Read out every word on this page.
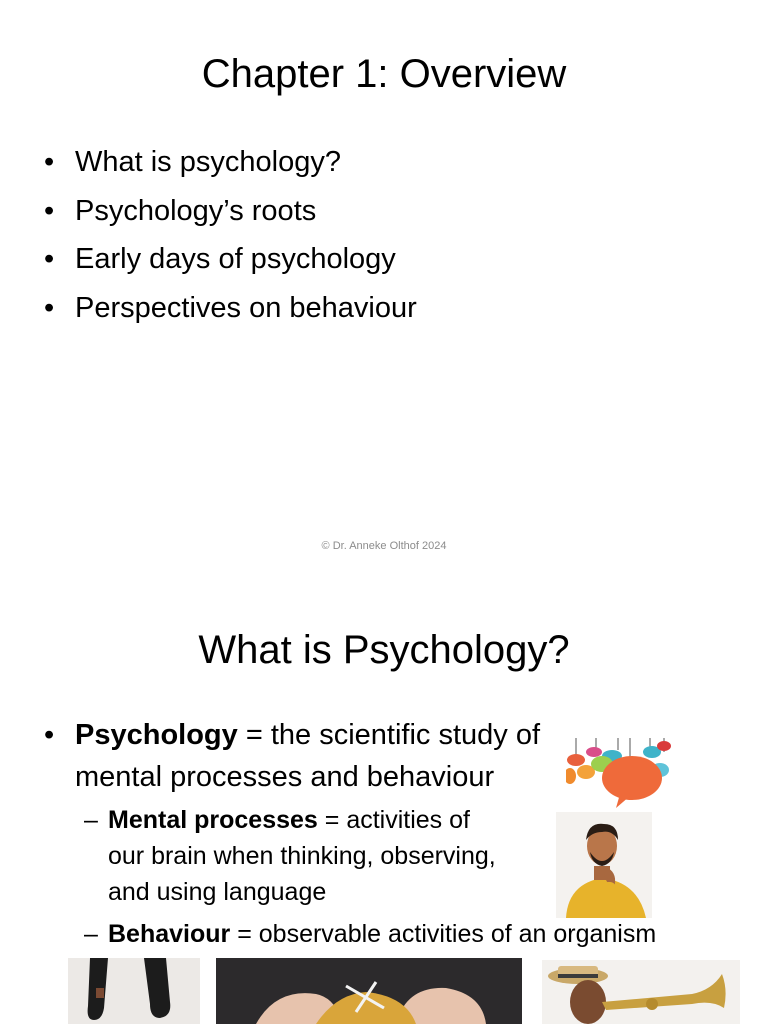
Chapter 1: Overview
• What is psychology?
• Psychology’s roots
• Early days of psychology
• Perspectives on behaviour
© Dr. Anneke Olthof 2024
What is Psychology?
• Psychology = the scientific study of mental processes and behaviour
– Mental processes = activities of our brain when thinking, observing, and using language
– Behaviour = observable activities of an organism
